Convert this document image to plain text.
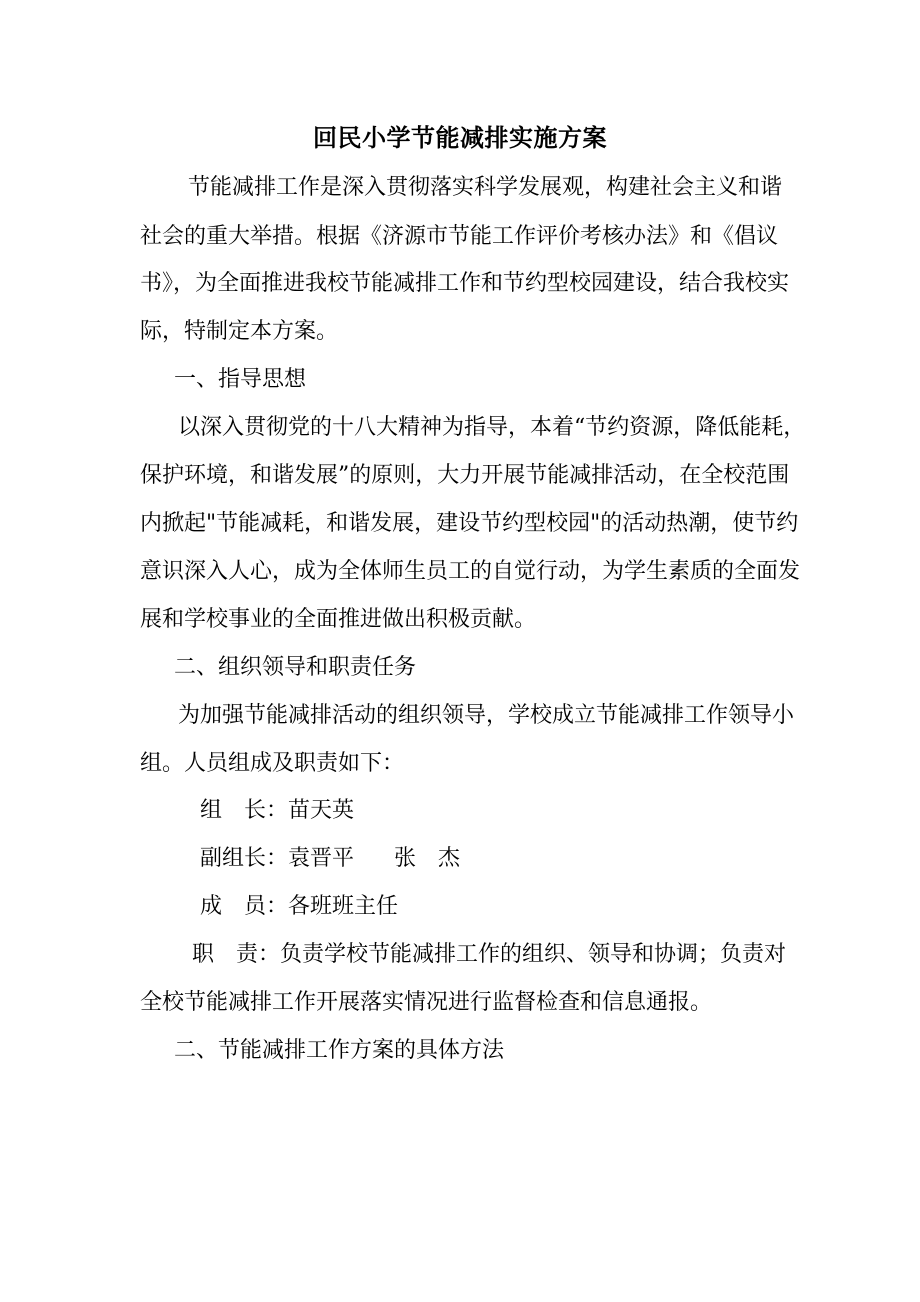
回民小学节能减排实施方案

节能减排工作是深入贯彻落实科学发展观，构建社会主义和谐

社会的重大举措。根据《济源市节能工作评价考核办法》和《倡议

书》，为全面推进我校节能减排工作和节约型校园建设，结合我校实

际，特制定本方案。

一、指导思想

以深入贯彻党的十八大精神为指导，本着“节约资源，降低能耗，

保护环境，和谐发展”的原则，大力开展节能减排活动，在全校范围

内掀起"节能减耗，和谐发展，建设节约型校园"的活动热潮，使节约

意识深入人心，成为全体师生员工的自觉行动，为学生素质的全面发

展和学校事业的全面推进做出积极贡献。

二、组织领导和职责任务

为加强节能减排活动的组织领导，学校成立节能减排工作领导小

组。人员组成及职责如下：

组　长：苗天英

副组长：袁晋平 张　杰

成　员：各班班主任

职　责：负责学校节能减排工作的组织、领导和协调；负责对

全校节能减排工作开展落实情况进行监督检查和信息通报。

二、节能减排工作方案的具体方法
